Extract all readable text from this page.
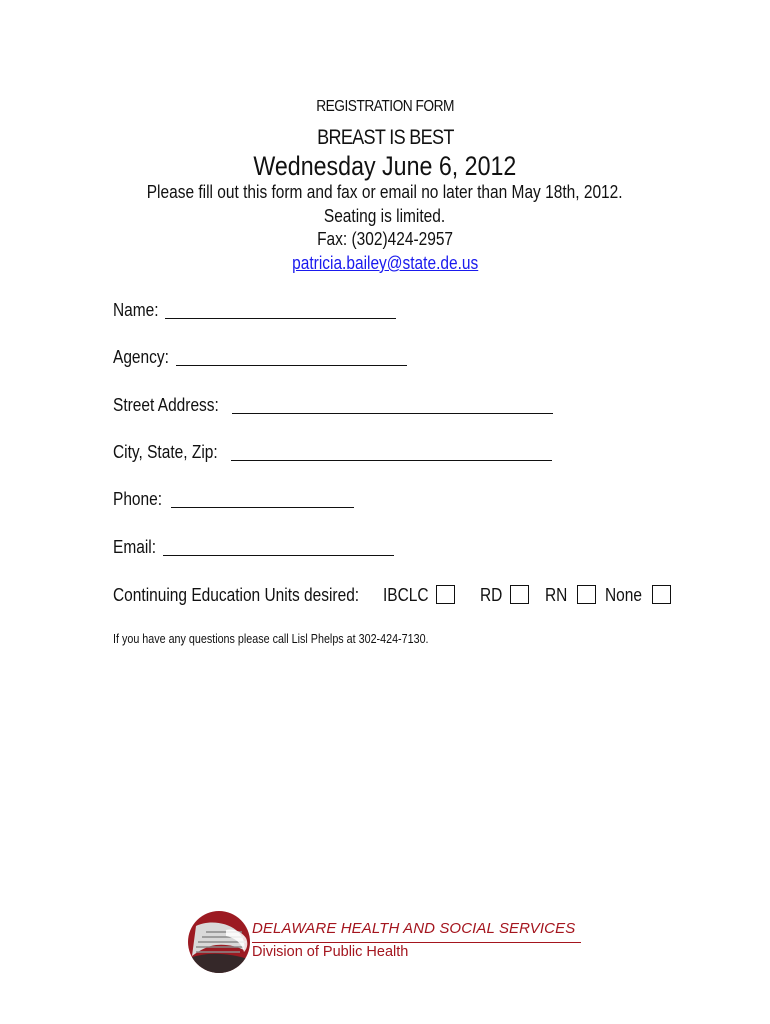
REGISTRATION FORM
BREAST IS BEST
Wednesday June 6, 2012
Please fill out this form and fax or email no later than May 18th, 2012.
Seating is limited.
Fax: (302)424-2957
patricia.bailey@state.de.us
Name:
Agency:
Street Address:
City, State, Zip:
Phone:
Email:
Continuing Education Units desired: IBCLC	RD RN None
If you have any questions please call Lisl Phelps at 302-424-7130.
DELAWARE HEALTH AND SOCIAL SERVICES
Division of Public Health
